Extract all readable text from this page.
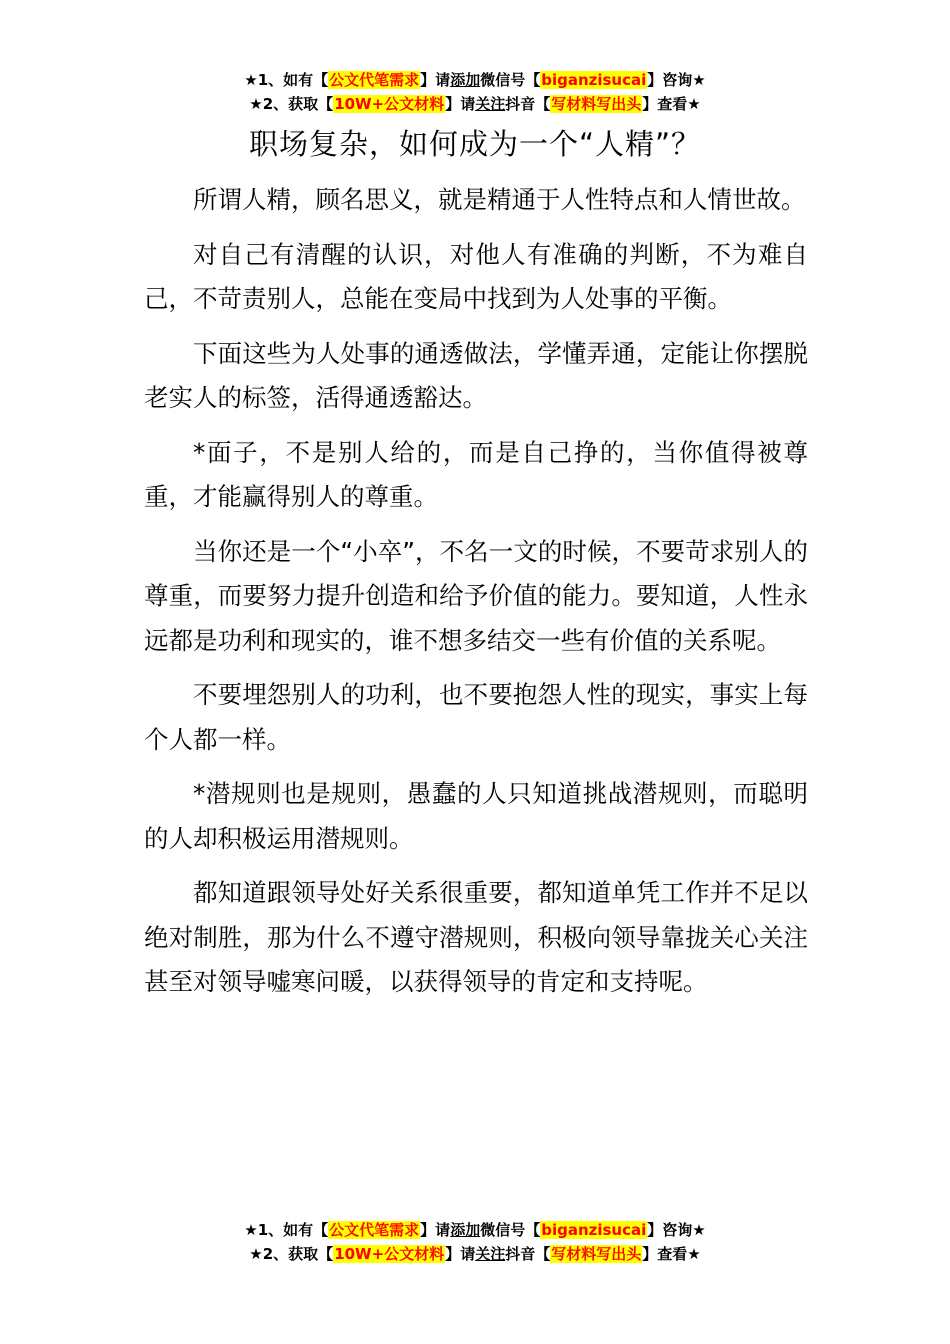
★1、如有【公文代笔需求】请添加微信号【biganzisucai】咨询★
★2、获取【10W+公文材料】请关注抖音【写材料写出头】查看★
职场复杂，如何成为一个“人精”？

所谓人精，顾名思义，就是精通于人性特点和人情世故。

对自己有清醒的认识，对他人有准确的判断，不为难自己，不苛责别人，总能在变局中找到为人处事的平衡。

下面这些为人处事的通透做法，学懂弄通，定能让你摆脱老实人的标签，活得通透豁达。

*面子，不是别人给的，而是自己挣的，当你值得被尊重，才能赢得别人的尊重。

当你还是一个“小卒”，不名一文的时候，不要苛求别人的尊重，而要努力提升创造和给予价值的能力。要知道，人性永远都是功利和现实的，谁不想多结交一些有价值的关系呢。

不要埋怨别人的功利，也不要抱怨人性的现实，事实上每个人都一样。

*潜规则也是规则，愚蠢的人只知道挑战潜规则，而聪明的人却积极运用潜规则。

都知道跟领导处好关系很重要，都知道单凭工作并不足以绝对制胜，那为什么不遵守潜规则，积极向领导靠拢关心关注甚至对领导嘘寒问暖，以获得领导的肯定和支持呢。

★1、如有【公文代笔需求】请添加微信号【biganzisucai】咨询★
★2、获取【10W+公文材料】请关注抖音【写材料写出头】查看★
